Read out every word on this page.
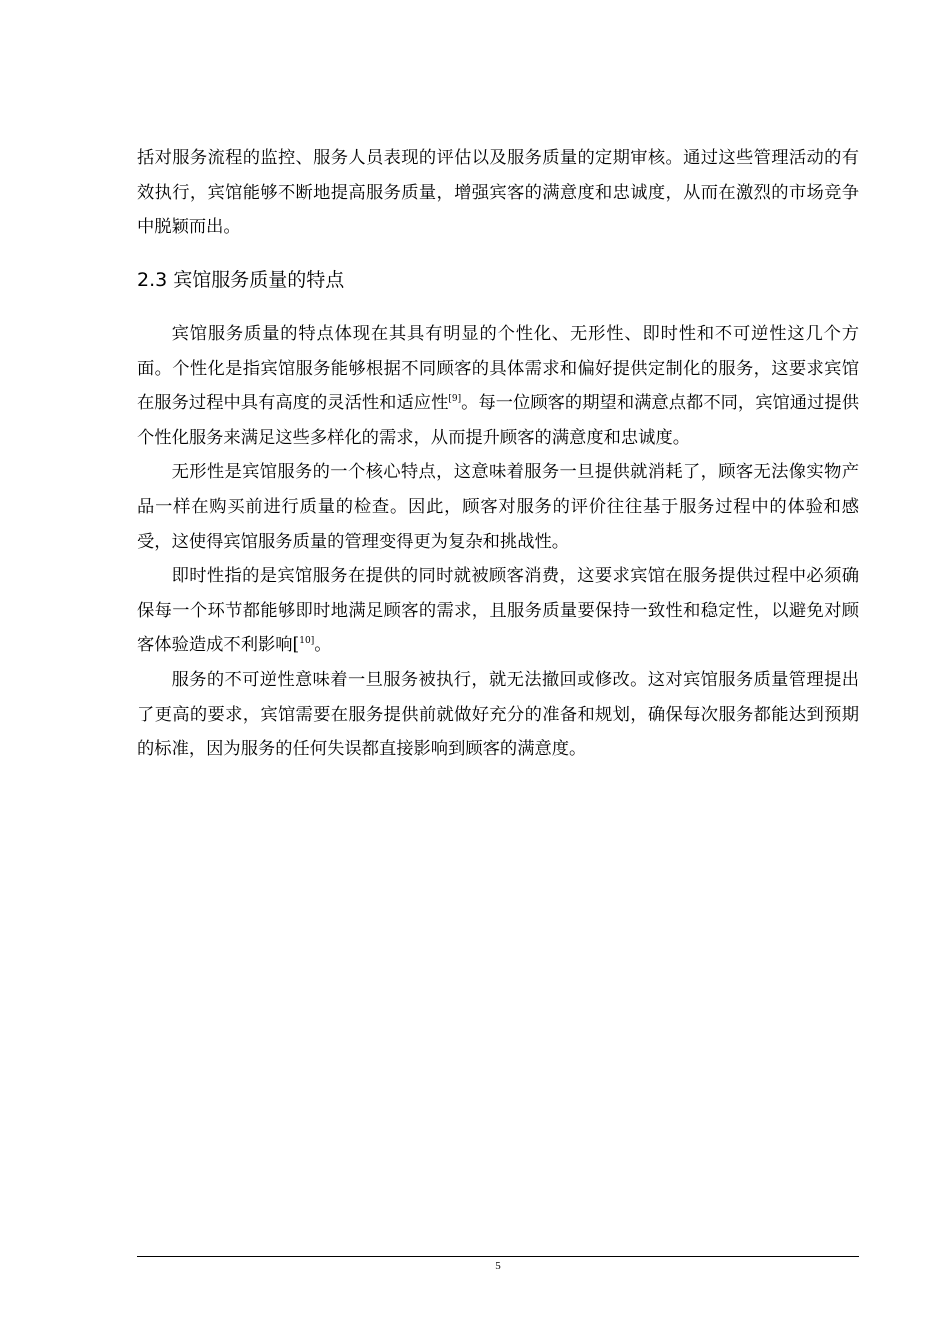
括对服务流程的监控、服务人员表现的评估以及服务质量的定期审核。通过这些管理活动的有效执行，宾馆能够不断地提高服务质量，增强宾客的满意度和忠诚度，从而在激烈的市场竞争中脱颖而出。

2.3 宾馆服务质量的特点

宾馆服务质量的特点体现在其具有明显的个性化、无形性、即时性和不可逆性这几个方面。个性化是指宾馆服务能够根据不同顾客的具体需求和偏好提供定制化的服务，这要求宾馆在服务过程中具有高度的灵活性和适应性[9]。每一位顾客的期望和满意点都不同，宾馆通过提供个性化服务来满足这些多样化的需求，从而提升顾客的满意度和忠诚度。

无形性是宾馆服务的一个核心特点，这意味着服务一旦提供就消耗了，顾客无法像实物产品一样在购买前进行质量的检查。因此，顾客对服务的评价往往基于服务过程中的体验和感受，这使得宾馆服务质量的管理变得更为复杂和挑战性。

即时性指的是宾馆服务在提供的同时就被顾客消费，这要求宾馆在服务提供过程中必须确保每一个环节都能够即时地满足顾客的需求，且服务质量要保持一致性和稳定性，以避免对顾客体验造成不利影响[$^{10]}$。

服务的不可逆性意味着一旦服务被执行，就无法撤回或修改。这对宾馆服务质量管理提出了更高的要求，宾馆需要在服务提供前就做好充分的准备和规划，确保每次服务都能达到预期的标准，因为服务的任何失误都直接影响到顾客的满意度。

5
